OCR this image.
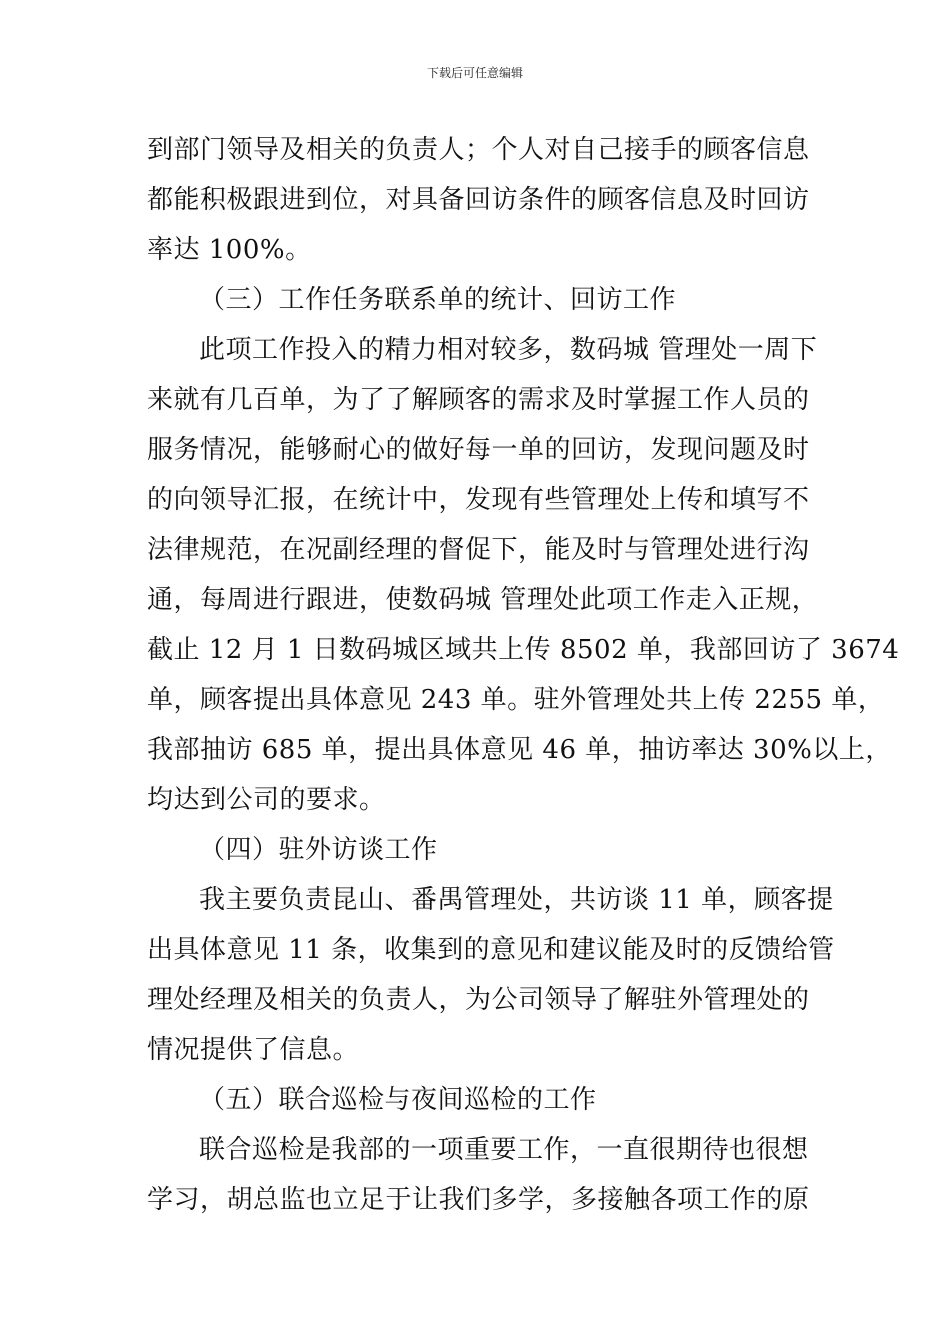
下载后可任意编辑
到部门领导及相关的负责人；个人对自己接手的顾客信息
都能积极跟进到位，对具备回访条件的顾客信息及时回访
率达 100%。
（三）工作任务联系单的统计、回访工作
此项工作投入的精力相对较多，数码城 管理处一周下
来就有几百单，为了了解顾客的需求及时掌握工作人员的
服务情况，能够耐心的做好每一单的回访，发现问题及时
的向领导汇报，在统计中，发现有些管理处上传和填写不
法律规范，在况副经理的督促下，能及时与管理处进行沟
通，每周进行跟进，使数码城 管理处此项工作走入正规，
截止 12 月 1 日数码城区域共上传 8502 单，我部回访了 3674
单，顾客提出具体意见 243 单。驻外管理处共上传 2255 单，
我部抽访 685 单，提出具体意见 46 单，抽访率达 30%以上，
均达到公司的要求。
（四）驻外访谈工作
我主要负责昆山、番禺管理处，共访谈 11 单，顾客提
出具体意见 11 条，收集到的意见和建议能及时的反馈给管
理处经理及相关的负责人，为公司领导了解驻外管理处的
情况提供了信息。
（五）联合巡检与夜间巡检的工作
联合巡检是我部的一项重要工作，一直很期待也很想
学习，胡总监也立足于让我们多学，多接触各项工作的原
